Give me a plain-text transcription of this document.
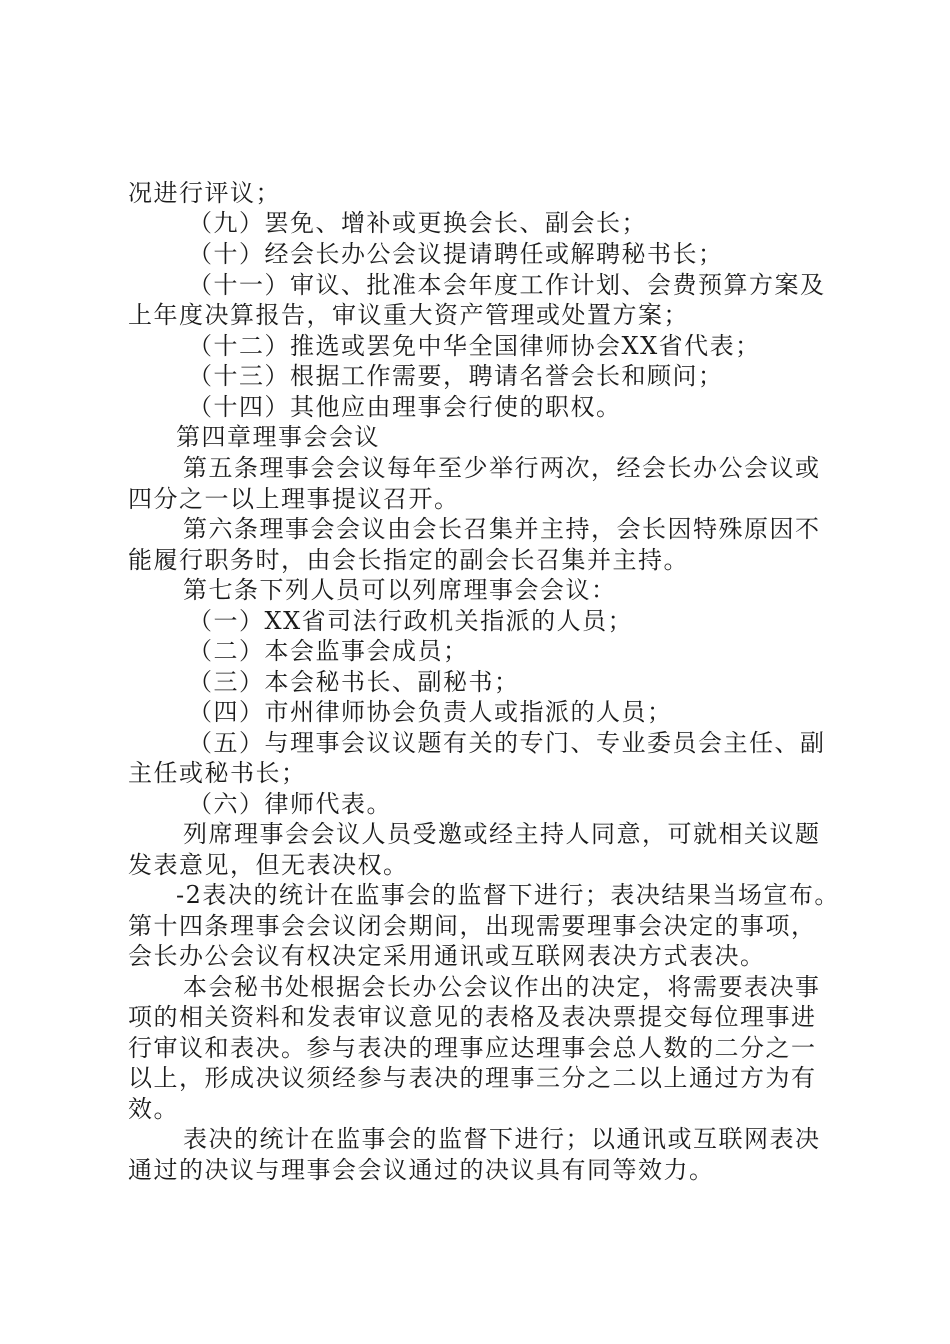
况进行评议；
（九）罢免、增补或更换会长、副会长；
（十）经会长办公会议提请聘任或解聘秘书长；
（十一）审议、批准本会年度工作计划、会费预算方案及
上年度决算报告，审议重大资产管理或处置方案；
（十二）推选或罢免中华全国律师协会XX省代表；
（十三）根据工作需要，聘请名誉会长和顾问；
（十四）其他应由理事会行使的职权。
第四章理事会会议
第五条理事会会议每年至少举行两次，经会长办公会议或
四分之一以上理事提议召开。
第六条理事会会议由会长召集并主持，会长因特殊原因不
能履行职务时，由会长指定的副会长召集并主持。
第七条下列人员可以列席理事会会议：
（一）XX省司法行政机关指派的人员；
（二）本会监事会成员；
（三）本会秘书长、副秘书；
（四）市州律师协会负责人或指派的人员；
（五）与理事会议议题有关的专门、专业委员会主任、副
主任或秘书长；
（六）律师代表。
列席理事会会议人员受邀或经主持人同意，可就相关议题
发表意见，但无表决权。
-2表决的统计在监事会的监督下进行；表决结果当场宣布。
第十四条理事会会议闭会期间，出现需要理事会决定的事项，
会长办公会议有权决定采用通讯或互联网表决方式表决。
本会秘书处根据会长办公会议作出的决定，将需要表决事
项的相关资料和发表审议意见的表格及表决票提交每位理事进
行审议和表决。参与表决的理事应达理事会总人数的二分之一
以上，形成决议须经参与表决的理事三分之二以上通过方为有
效。
表决的统计在监事会的监督下进行；以通讯或互联网表决
通过的决议与理事会会议通过的决议具有同等效力。
